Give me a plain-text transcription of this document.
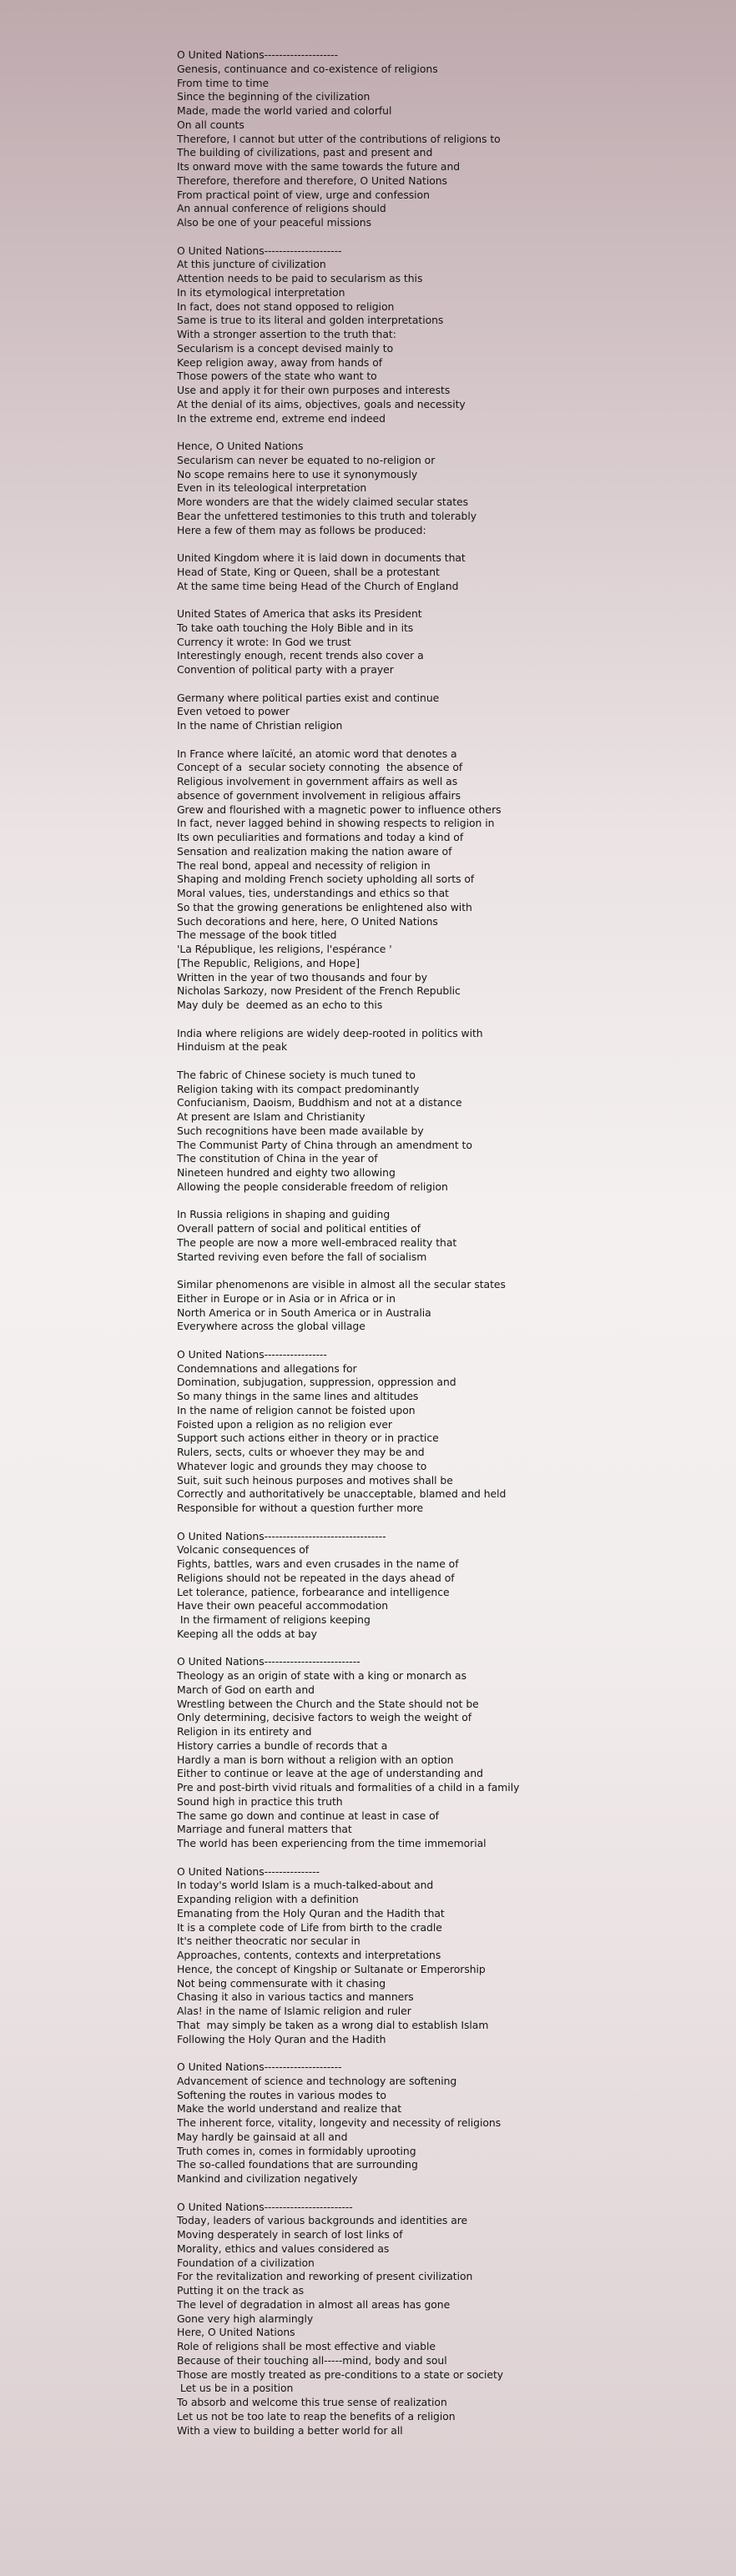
O United Nations--------------------
Genesis, continuance and co-existence of religions
From time to time
Since the beginning of the civilization
Made, made the world varied and colorful
On all counts
Therefore, I cannot but utter of the contributions of religions to
The building of civilizations, past and present and
Its onward move with the same towards the future and
Therefore, therefore and therefore, O United Nations
From practical point of view, urge and confession
An annual conference of religions should
Also be one of your peaceful missions
O United Nations---------------------
At this juncture of civilization
Attention needs to be paid to secularism as this
In its etymological interpretation
In fact, does not stand opposed to religion
Same is true to its literal and golden interpretations
With a stronger assertion to the truth that:
Secularism is a concept devised mainly to
Keep religion away, away from hands of
Those powers of the state who want to
Use and apply it for their own purposes and interests
At the denial of its aims, objectives, goals and necessity
In the extreme end, extreme end indeed
Hence, O United Nations
Secularism can never be equated to no-religion or
No scope remains here to use it synonymously
Even in its teleological interpretation
More wonders are that the widely claimed secular states
Bear the unfettered testimonies to this truth and tolerably
Here a few of them may as follows be produced:
United Kingdom where it is laid down in documents that
Head of State, King or Queen, shall be a protestant
At the same time being Head of the Church of England
United States of America that asks its President
To take oath touching the Holy Bible and in its
Currency it wrote: In God we trust
Interestingly enough, recent trends also cover a
Convention of political party with a prayer
Germany where political parties exist and continue
Even vetoed to power
In the name of Christian religion
In France where laïcité, an atomic word that denotes a
Concept of a  secular society connoting  the absence of
Religious involvement in government affairs as well as
absence of government involvement in religious affairs
Grew and flourished with a magnetic power to influence others
In fact, never lagged behind in showing respects to religion in
Its own peculiarities and formations and today a kind of
Sensation and realization making the nation aware of
The real bond, appeal and necessity of religion in
Shaping and molding French society upholding all sorts of
Moral values, ties, understandings and ethics so that
So that the growing generations be enlightened also with
Such decorations and here, here, O United Nations
The message of the book titled
'La République, les religions, l'espérance '
[The Republic, Religions, and Hope]
Written in the year of two thousands and four by
Nicholas Sarkozy, now President of the French Republic
May duly be  deemed as an echo to this
India where religions are widely deep-rooted in politics with
Hinduism at the peak
The fabric of Chinese society is much tuned to
Religion taking with its compact predominantly
Confucianism, Daoism, Buddhism and not at a distance
At present are Islam and Christianity
Such recognitions have been made available by
The Communist Party of China through an amendment to
The constitution of China in the year of
Nineteen hundred and eighty two allowing
Allowing the people considerable freedom of religion
In Russia religions in shaping and guiding
Overall pattern of social and political entities of
The people are now a more well-embraced reality that
Started reviving even before the fall of socialism
Similar phenomenons are visible in almost all the secular states
Either in Europe or in Asia or in Africa or in
North America or in South America or in Australia
Everywhere across the global village
O United Nations-----------------
Condemnations and allegations for
Domination, subjugation, suppression, oppression and
So many things in the same lines and altitudes
In the name of religion cannot be foisted upon
Foisted upon a religion as no religion ever
Support such actions either in theory or in practice
Rulers, sects, cults or whoever they may be and
Whatever logic and grounds they may choose to
Suit, suit such heinous purposes and motives shall be
Correctly and authoritatively be unacceptable, blamed and held
Responsible for without a question further more
O United Nations---------------------------------
Volcanic consequences of
Fights, battles, wars and even crusades in the name of
Religions should not be repeated in the days ahead of
Let tolerance, patience, forbearance and intelligence
Have their own peaceful accommodation
In the firmament of religions keeping
Keeping all the odds at bay
O United Nations--------------------------
Theology as an origin of state with a king or monarch as
March of God on earth and
Wrestling between the Church and the State should not be
Only determining, decisive factors to weigh the weight of
Religion in its entirety and
History carries a bundle of records that a
Hardly a man is born without a religion with an option
Either to continue or leave at the age of understanding and
Pre and post-birth vivid rituals and formalities of a child in a family
Sound high in practice this truth
The same go down and continue at least in case of
Marriage and funeral matters that
The world has been experiencing from the time immemorial
O United Nations---------------
In today's world Islam is a much-talked-about and
Expanding religion with a definition
Emanating from the Holy Quran and the Hadith that
It is a complete code of Life from birth to the cradle
It's neither theocratic nor secular in
Approaches, contents, contexts and interpretations
Hence, the concept of Kingship or Sultanate or Emperorship
Not being commensurate with it chasing
Chasing it also in various tactics and manners
Alas! in the name of Islamic religion and ruler
That  may simply be taken as a wrong dial to establish Islam
Following the Holy Quran and the Hadith
O United Nations---------------------
Advancement of science and technology are softening
Softening the routes in various modes to
Make the world understand and realize that
The inherent force, vitality, longevity and necessity of religions
May hardly be gainsaid at all and
Truth comes in, comes in formidably uprooting
The so-called foundations that are surrounding
Mankind and civilization negatively
O United Nations------------------------
Today, leaders of various backgrounds and identities are
Moving desperately in search of lost links of
Morality, ethics and values considered as
Foundation of a civilization
For the revitalization and reworking of present civilization
Putting it on the track as
The level of degradation in almost all areas has gone
Gone very high alarmingly
Here, O United Nations
Role of religions shall be most effective and viable
Because of their touching all-----mind, body and soul
Those are mostly treated as pre-conditions to a state or society
Let us be in a position
To absorb and welcome this true sense of realization
Let us not be too late to reap the benefits of a religion
With a view to building a better world for all
